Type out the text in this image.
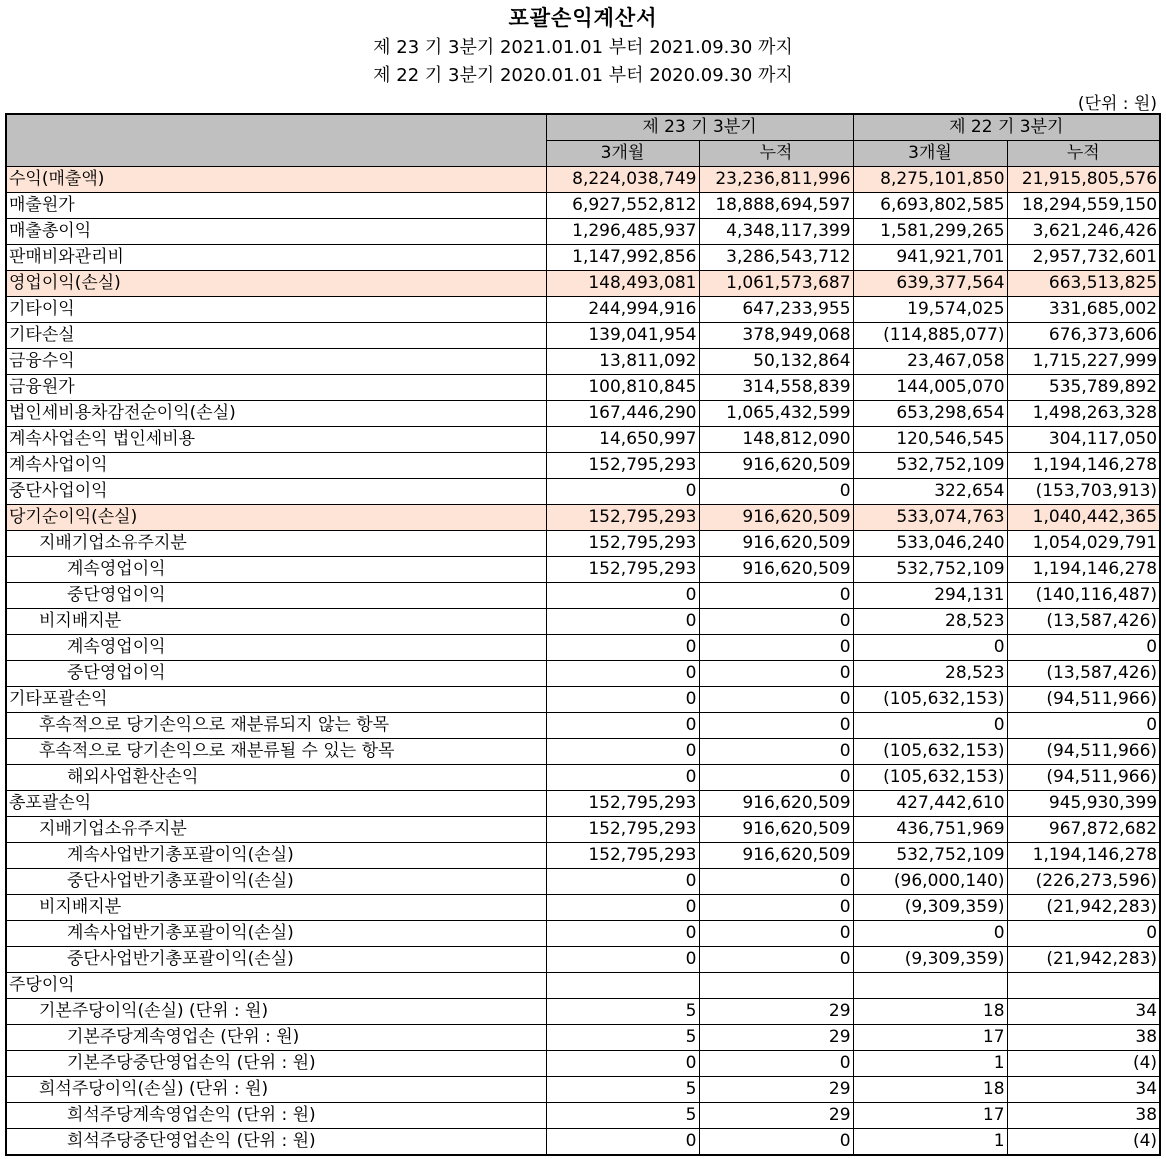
포괄손익계산서
제 23 기 3분기 2021.01.01 부터 2021.09.30 까지
제 22 기 3분기 2020.01.01 부터 2020.09.30 까지
(단위 : 원)
	제 23 기 3분기		제 22 기 3분기	
	3개월	누적	3개월	누적
수익(매출액)	8,224,038,749	23,236,811,996	8,275,101,850	21,915,805,576
매출원가	6,927,552,812	18,888,694,597	6,693,802,585	18,294,559,150
매출총이익	1,296,485,937	4,348,117,399	1,581,299,265	3,621,246,426
판매비와관리비	1,147,992,856	3,286,543,712	941,921,701	2,957,732,601
영업이익(손실)	148,493,081	1,061,573,687	639,377,564	663,513,825
기타이익	244,994,916	647,233,955	19,574,025	331,685,002
기타손실	139,041,954	378,949,068	(114,885,077)	676,373,606
금융수익	13,811,092	50,132,864	23,467,058	1,715,227,999
금융원가	100,810,845	314,558,839	144,005,070	535,789,892
법인세비용차감전순이익(손실)	167,446,290	1,065,432,599	653,298,654	1,498,263,328
계속사업손익 법인세비용	14,650,997	148,812,090	120,546,545	304,117,050
계속사업이익	152,795,293	916,620,509	532,752,109	1,194,146,278
중단사업이익	0	0	322,654	(153,703,913)
당기순이익(손실)	152,795,293	916,620,509	533,074,763	1,040,442,365
지배기업소유주지분	152,795,293	916,620,509	533,046,240	1,054,029,791
계속영업이익	152,795,293	916,620,509	532,752,109	1,194,146,278
중단영업이익	0	0	294,131	(140,116,487)
비지배지분	0	0	28,523	(13,587,426)
계속영업이익	0	0	0	0
중단영업이익	0	0	28,523	(13,587,426)
기타포괄손익	0	0	(105,632,153)	(94,511,966)
후속적으로 당기손익으로 재분류되지 않는 항목	0	0	0	0
후속적으로 당기손익으로 재분류될 수 있는 항목	0	0	(105,632,153)	(94,511,966)
해외사업환산손익	0	0	(105,632,153)	(94,511,966)
총포괄손익	152,795,293	916,620,509	427,442,610	945,930,399
지배기업소유주지분	152,795,293	916,620,509	436,751,969	967,872,682
계속사업반기총포괄이익(손실)	152,795,293	916,620,509	532,752,109	1,194,146,278
중단사업반기총포괄이익(손실)	0	0	(96,000,140)	(226,273,596)
비지배지분	0	0	(9,309,359)	(21,942,283)
계속사업반기총포괄이익(손실)	0	0	0	0
중단사업반기총포괄이익(손실)	0	0	(9,309,359)	(21,942,283)
주당이익				
기본주당이익(손실) (단위 : 원)	5	29	18	34
기본주당계속영업손 (단위 : 원)	5	29	17	38
기본주당중단영업손익 (단위 : 원)	0	0	1	(4)
희석주당이익(손실) (단위 : 원)	5	29	18	34
희석주당계속영업손익 (단위 : 원)	5	29	17	38
희석주당중단영업손익 (단위 : 원)	0	0	1	(4)
